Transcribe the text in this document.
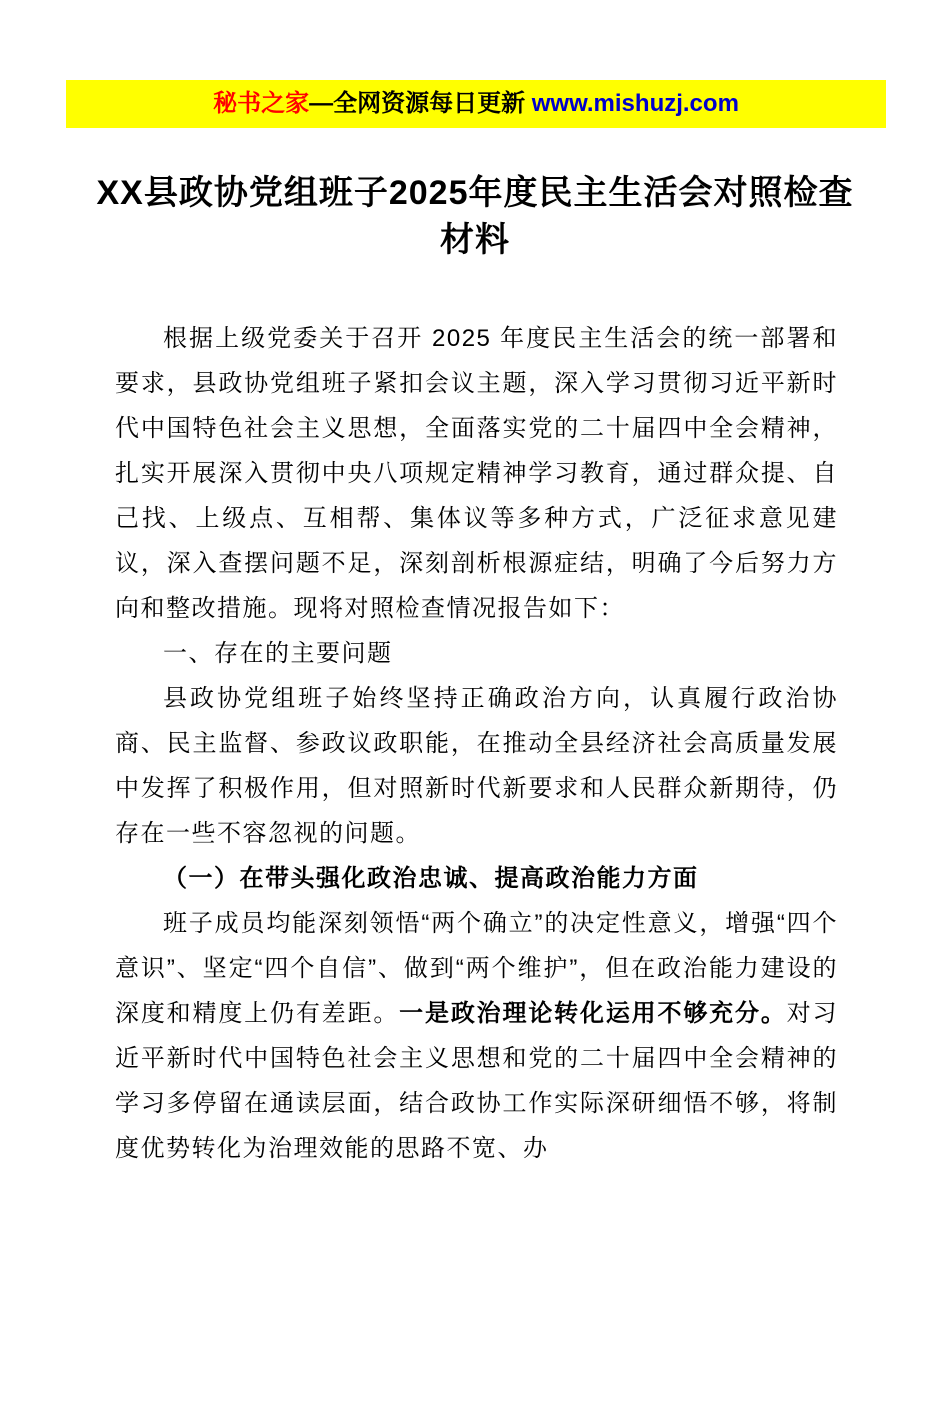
秘书之家—全网资源每日更新 www.mishuzj.com
XX县政协党组班子2025年度民主生活会对照检查材料

根据上级党委关于召开 2025 年度民主生活会的统一部署和要求，县政协党组班子紧扣会议主题，深入学习贯彻习近平新时代中国特色社会主义思想，全面落实党的二十届四中全会精神，扎实开展深入贯彻中央八项规定精神学习教育，通过群众提、自己找、上级点、互相帮、集体议等多种方式，广泛征求意见建议，深入查摆问题不足，深刻剖析根源症结，明确了今后努力方向和整改措施。现将对照检查情况报告如下：

一、存在的主要问题

县政协党组班子始终坚持正确政治方向，认真履行政治协商、民主监督、参政议政职能，在推动全县经济社会高质量发展中发挥了积极作用，但对照新时代新要求和人民群众新期待，仍存在一些不容忽视的问题。

（一）在带头强化政治忠诚、提高政治能力方面

班子成员均能深刻领悟“两个确立”的决定性意义，增强“四个意识”、坚定“四个自信”、做到“两个维护”，但在政治能力建设的深度和精度上仍有差距。一是政治理论转化运用不够充分。对习近平新时代中国特色社会主义思想和党的二十届四中全会精神的学习多停留在通读层面，结合政协工作实际深研细悟不够，将制度优势转化为治理效能的思路不宽、办
